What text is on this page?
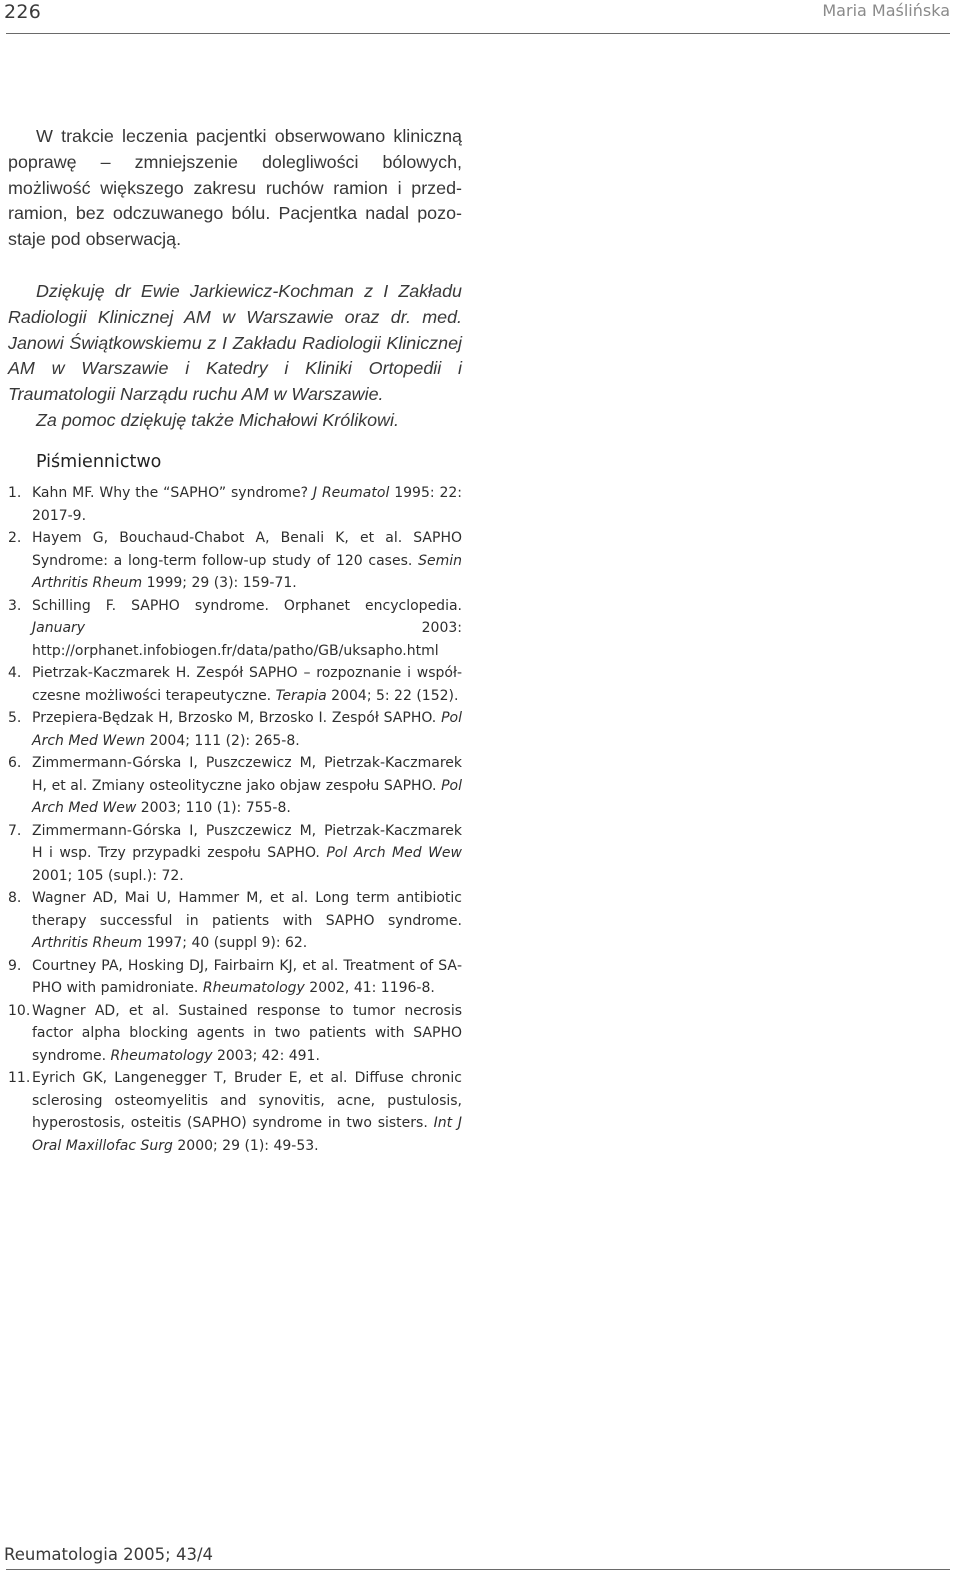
226	Maria Maślińska

W trakcie leczenia pacjentki obserwowano kliniczną poprawę – zmniejszenie dolegliwości bólowych, możliwość większego zakresu ruchów ramion i przedramion, bez odczuwanego bólu. Pacjentka nadal pozostaje pod obserwacją.

Dziękuję dr Ewie Jarkiewicz-Kochman z I Zakładu Radiologii Klinicznej AM w Warszawie oraz dr. med. Janowi Świątkowskiemu z I Zakładu Radiologii Klinicznej AM w Warszawie i Katedry i Kliniki Ortopedii i Traumatologii Narządu ruchu AM w Warszawie.

Za pomoc dziękuję także Michałowi Królikowi.

Piśmiennictwo
1. Kahn MF. Why the “SAPHO” syndrome? J Reumatol 1995: 22: 2017-9.
2. Hayem G, Bouchaud-Chabot A, Benali K, et al. SAPHO Syndrome: a long-term follow-up study of 120 cases. Semin Arthritis Rheum 1999; 29 (3): 159-71.
3. Schilling F. SAPHO syndrome. Orphanet encyclopedia. January 2003: http://orphanet.infobiogen.fr/data/patho/GB/uksapho.html
4. Pietrzak-Kaczmarek H. Zespół SAPHO – rozpoznanie i współczesne możliwości terapeutyczne. Terapia 2004; 5: 22 (152).
5. Przepiera-Będzak H, Brzosko M, Brzosko I. Zespół SAPHO. Pol Arch Med Wewn 2004; 111 (2): 265-8.
6. Zimmermann-Górska I, Puszczewicz M, Pietrzak-Kaczmarek H, et al. Zmiany osteolityczne jako objaw zespołu SAPHO. Pol Arch Med Wew 2003; 110 (1): 755-8.
7. Zimmermann-Górska I, Puszczewicz M, Pietrzak-Kaczmarek H i wsp. Trzy przypadki zespołu SAPHO. Pol Arch Med Wew 2001; 105 (supl.): 72.
8. Wagner AD, Mai U, Hammer M, et al. Long term antibiotic therapy successful in patients with SAPHO syndrome. Arthritis Rheum 1997; 40 (suppl 9): 62.
9. Courtney PA, Hosking DJ, Fairbairn KJ, et al. Treatment of SAPHO with pamidroniate. Rheumatology 2002, 41: 1196-8.
10. Wagner AD, et al. Sustained response to tumor necrosis factor alpha blocking agents in two patients with SAPHO syndrome. Rheumatology 2003; 42: 491.
11. Eyrich GK, Langenegger T, Bruder E, et al. Diffuse chronic sclerosing osteomyelitis and synovitis, acne, pustulosis, hyperostosis, osteitis (SAPHO) syndrome in two sisters. Int J Oral Maxillofac Surg 2000; 29 (1): 49-53.
Reumatologia 2005; 43/4
